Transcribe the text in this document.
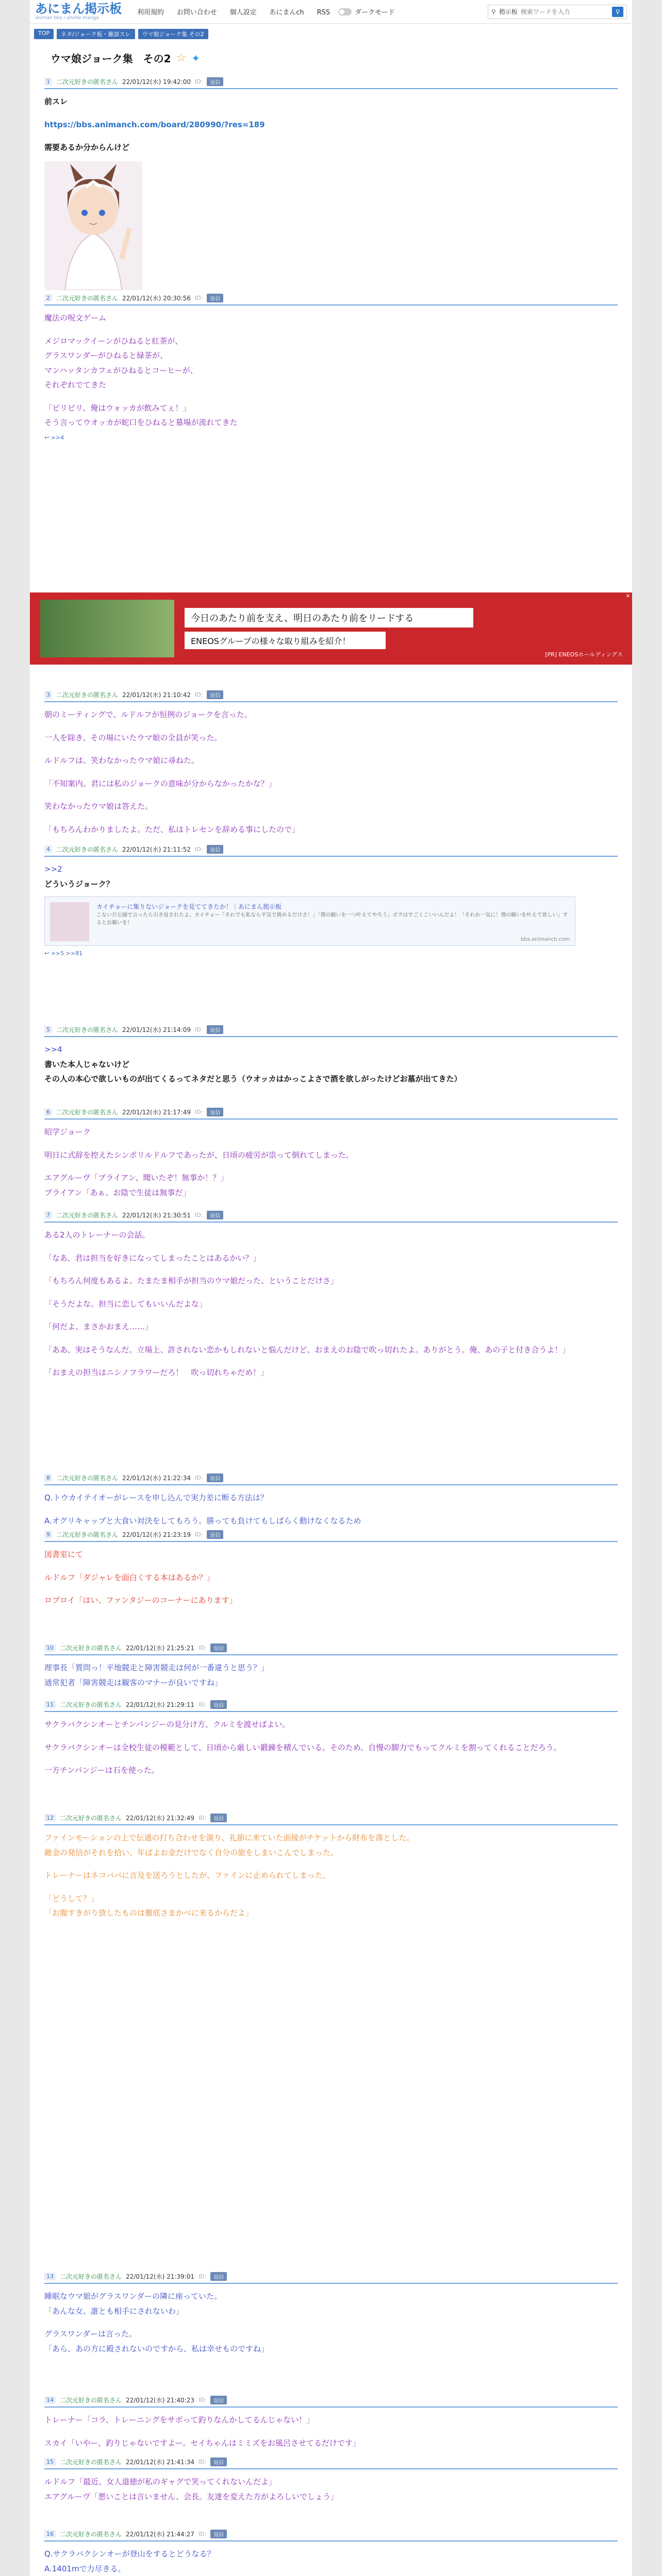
あにまん掲示板
animan bbs / anime manga
利用規約 お問い合わせ 個人設定 あにまんch RSS	ダークモード	⚲ 掲示板
検索ワードを入力	⚲
TOP	ネタ/ジョーク板・雑談スレ	ウマ娘ジョーク集 その2
ウマ娘ジョーク集　その2 ☆ ✦
1	二次元好きの匿名さん 22/01/12(水) 19:42:00 ID:	返信

前スレ

https://bbs.animanch.com/board/280990/?res=189

需要あるか分からんけど

2	二次元好きの匿名さん 22/01/12(水) 20:30:56 ID:	返信

魔法の呪文ゲーム

メジロマックイーンがひねると紅茶が、

グラスワンダーがひねると緑茶が、

マンハッタンカフェがひねるとコーヒーが、

それぞれでてきた

「ビリビリ、俺はウォッカが飲みてぇ！」

そう言ってウオッカが蛇口をひねると墓場が流れてきた

↩ >>4
3	二次元好きの匿名さん 22/01/12(水) 21:10:42 ID:	返信

朝のミーティングで、ルドルフが恒例のジョークを言った。

一人を除き、その場にいたウマ娘の全員が笑った。

ルドルフは、笑わなかったウマ娘に尋ねた。

「不知案内。君には私のジョークの意味が分からなかったかな？」

笑わなかったウマ娘は答えた。

「もちろんわかりましたよ。ただ、私はトレセンを辞める事にしたので」

4	二次元好きの匿名さん 22/01/12(水) 21:11:52 ID:	返信

>>2

どういうジョーク？

カイチョーに集りないジョークを見ててきたか！｜あにまん掲示板
こないだ公園で言ったら引き返されたよ。カイチョー「それでも私なら平気で挑めるだけさ！」「僕の願いを一つ叶えてやろう」ボクはすごくこいいんだよ！「それか一気に！僕の願いを叶えて欲しい」するとお願いを！
bbs.animanch.com
↩ >>5 >>81
5	二次元好きの匿名さん 22/01/12(水) 21:14:09 ID:	返信

>>4

書いた本人じゃないけど

その人の本心で欲しいものが出てくるってネタだと思う（ウオッカはかっこよさで酒を欲しがったけどお墓が出てきた）

6	二次元好きの匿名さん 22/01/12(水) 21:17:49 ID:	返信

昭学ジョーク

明日に式辞を控えたシンボリルドルフであったが、日頃の疲労が祟って倒れてしまった。

エアグルーヴ「ブライアン、聞いたぞ！無事か！？」

ブライアン「あぁ、お陰で生徒は無事だ」

7	二次元好きの匿名さん 22/01/12(水) 21:30:51 ID:	返信

ある2人のトレーナーの会話。

「なあ、君は担当を好きになってしまったことはあるかい？」

「もちろん何度もあるよ。たまたま相手が担当のウマ娘だった、ということだけさ」

「そうだよな。担当に恋してもいいんだよな」

「何だよ、まさかおまえ……」

「ああ、実はそうなんだ。立場上、許されない恋かもしれないと悩んだけど、おまえのお陰で吹っ切れたよ。ありがとう。俺、あの子と付き合うよ！」

「おまえの担当はニシノフラワーだろ！　吹っ切れちゃだめ！」

8	二次元好きの匿名さん 22/01/12(水) 21:22:34 ID:	返信

Q.トウカイテイオーがレースを申し込んで実力差に断る方法は？

A.オグリキャップと大食い対決をしてもろう。勝っても負けてもしばらく動けなくなるため

9	二次元好きの匿名さん 22/01/12(水) 21:23:19 ID:	返信

図書室にて

ルドルフ「ダジャレを面白くする本はあるか？」

ロブロイ「はい、ファンタジーのコーナーにあります」

10	二次元好きの匿名さん 22/01/12(水) 21:25:21 ID:	返信

理事長「質問っ！平地競走と障害競走は何が一番違うと思う？」

通常犯者「障害競走は観客のマナーが良いですね」

11	二次元好きの匿名さん 22/01/12(水) 21:29:11 ID:	返信

サクラバクシンオーとチンパンジーの見分け方、クルミを渡せばよい。

サクラバクシンオーは全校生徒の模範として、日頃から厳しい鍛錬を積んでいる。そのため、自慢の脚力でもってクルミを割ってくれることだろう。

一方チンパンジーは石を使った。

12	二次元好きの匿名さん 22/01/12(水) 21:32:49 ID:	返信

ファインモーションの上で伝通の打ち合わせを演り、礼節に来ていた面接がチケットから財布を落とした。

敵金の発信がそれを拾い、年ばよお金だけでなく自分の旅をしまいこんでしまった。

トレーナーはネコババに言及を送ろうとしたが、ファインに止められてしまった。

「どうして？」

「お腹すきがり放したものは徹底さまかべに来るからだよ」

13	二次元好きの匿名さん 22/01/12(水) 21:39:01 ID:	返信

睡眠なウマ娘がグラスワンダーの隣に座っていた。

「あんな女、誰とも相手にされないわ」

グラスワンダーは言った。

「あら、あの方に殿されないのですから、私は幸せものですね」

14	二次元好きの匿名さん 22/01/12(水) 21:40:23 ID:	返信

トレーナー「コラ、トレーニングをサボって釣りなんかしてるんじゃない！」

スカイ「いやー、釣りじゃないですよー。セイちゃんはミミズをお風呂させてるだけです」

15	二次元好きの匿名さん 22/01/12(水) 21:41:34 ID:	返信

ルドルフ「最近、女人道徳が私のギャグで笑ってくれないんだよ」

エアグルーヴ「悪いことは言いません、会長。友達を変えた方がよろしいでしょう」

16	二次元好きの匿名さん 22/01/12(水) 21:44:27 ID:	返信

Q.サクラバクシンオーが登山をするとどうなる？

A.1401mで力尽きる。

今日のあたり前を支え、明日のあたり前をリードする
ENEOSグループの様々な取り組みを紹介！
[PR] ENEOSホールディングス
✕
